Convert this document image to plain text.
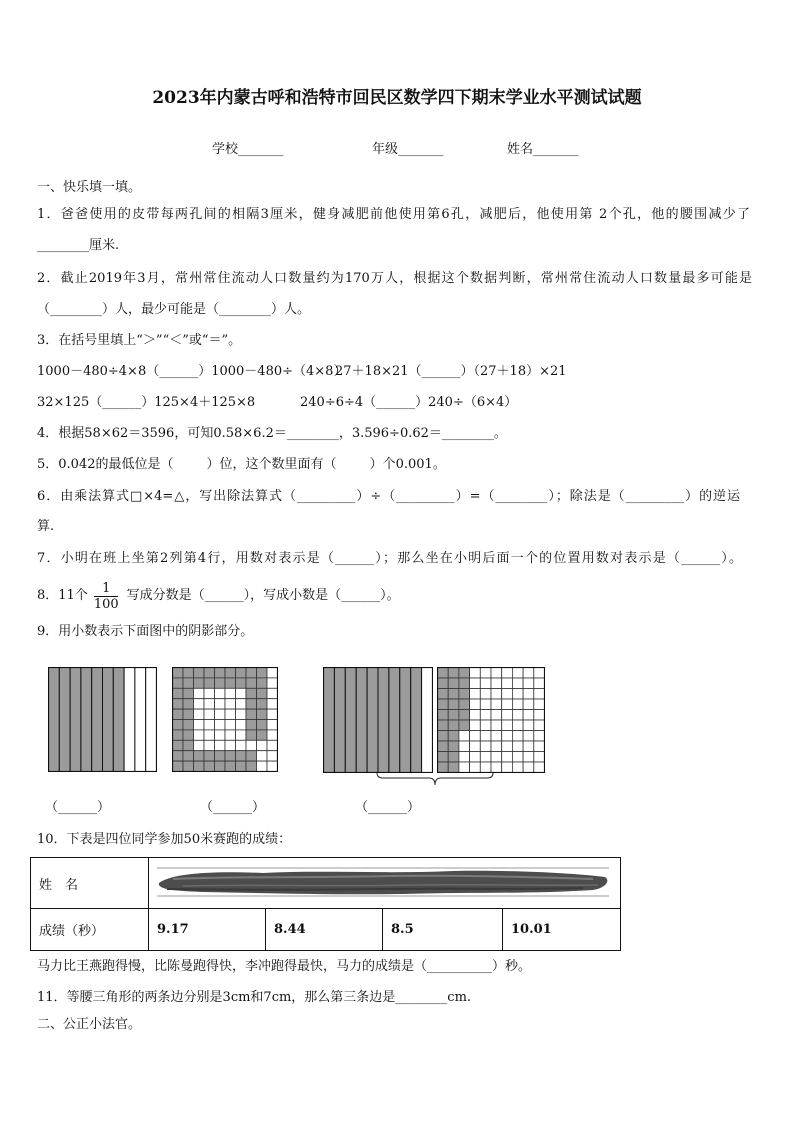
2023年内蒙古呼和浩特市回民区数学四下期末学业水平测试试题
学校_______	年级_______	姓名_______
一、快乐填一填。
1．爸爸使用的皮带每两孔间的相隔3厘米，健身减肥前他使用第6孔，减肥后，他使用第 2个孔，他的腰围减少了
________厘米.
2．截止2019年3月，常州常住流动人口数量约为170万人，根据这个数据判断，常州常住流动人口数量最多可能是
（________）人，最少可能是（________）人。
3．在括号里填上“＞”“＜”或“＝”。
1000－480÷4×8（______）1000－480÷（4×8）
27＋18×21（______）（27＋18）×21
32×125（______）125×4＋125×8	240÷6÷4（______）240÷（6×4）
4．根据58×62＝3596，可知0.58×6.2＝________，3.596÷0.62＝________。
5．0.042的最低位是（        ）位，这个数里面有（        ）个0.001。
6．由乘法算式□×4=△，写出除法算式（_________）÷（_________）=（________）；除法是（_________）的逆运
算.
7．小明在班上坐第2列第4行，用数对表示是（______）；那么坐在小明后面一个的位置用数对表示是（______）。
8．11个 $\frac{1}{100}$ 写成分数是（______），写成小数是（______）。
9．用小数表示下面图中的阴影部分。
（______）	（______）	（______）
10．下表是四位同学参加50米赛跑的成绩：
姓　名	
成绩（秒）	9.17	8.44	8.5	10.01
马力比王燕跑得慢，比陈曼跑得快，李冲跑得最快，马力的成绩是（__________）秒。
11．等腰三角形的两条边分别是3cm和7cm，那么第三条边是________cm.
二、公正小法官。
